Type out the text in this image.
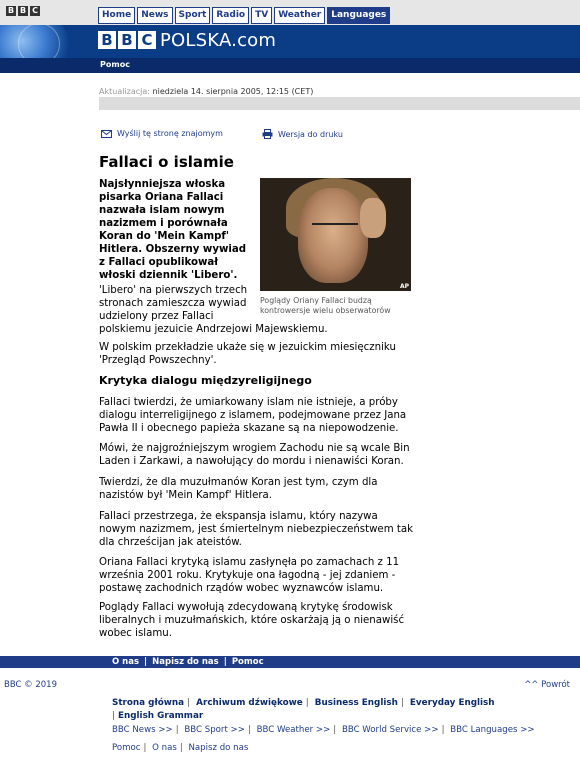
B B C	Home	News	Sport	Radio	TV	Weather	Languages
B B C POLSKA.com
Pomoc
Aktualizacja: niedziela 14. sierpnia 2005, 12:15 (CET)
Wyślij tę stronę znajomym	Wersja do druku
Fallaci o islamie

Najsłynniejsza włoska pisarka Oriana Fallaci nazwała islam nowym nazizmem i porównała Koran do 'Mein Kampf' Hitlera. Obszerny wywiad z Fallaci opublikował włoski dziennik 'Libero'.

AP

Poglądy Oriany Fallaci budzą kontrowersje wielu obserwatorów

'Libero' na pierwszych trzech
stronach zamieszcza wywiad
udzielony przez Fallaci
polskiemu jezuicie Andrzejowi Majewskiemu.

W polskim przekładzie ukaże się w jezuickim miesięczniku 'Przegląd Powszechny'.

Krytyka dialogu międzyreligijnego

Fallaci twierdzi, że umiarkowany islam nie istnieje, a próby dialogu interreligijnego z islamem, podejmowane przez Jana Pawła II i obecnego papieża skazane są na niepowodzenie.

Mówi, że najgroźniejszym wrogiem Zachodu nie są wcale Bin Laden i Zarkawi, a nawołujący do mordu i nienawiści Koran.

Twierdzi, że dla muzułmanów Koran jest tym, czym dla nazistów był 'Mein Kampf' Hitlera.

Fallaci przestrzega, że ekspansja islamu, który nazywa nowym nazizmem, jest śmiertelnym niebezpieczeństwem tak dla chrześcijan jak ateistów.

Oriana Fallaci krytyką islamu zasłynęła po zamachach z 11 września 2001 roku. Krytykuje ona łagodną - jej zdaniem - postawę zachodnich rządów wobec wyznawców islamu.

Poglądy Fallaci wywołują zdecydowaną krytykę środowisk liberalnych i muzułmańskich, które oskarżają ją o nienawiść wobec islamu.

O nas | Napisz do nas | Pomoc
BBC © 2019	^^ Powrót
Strona główna | Archiwum dźwiękowe | Business English | Everyday English
| English Grammar
BBC News >> | BBC Sport >> | BBC Weather >> | BBC World Service >> | BBC Languages >>
Pomoc | O nas | Napisz do nas
